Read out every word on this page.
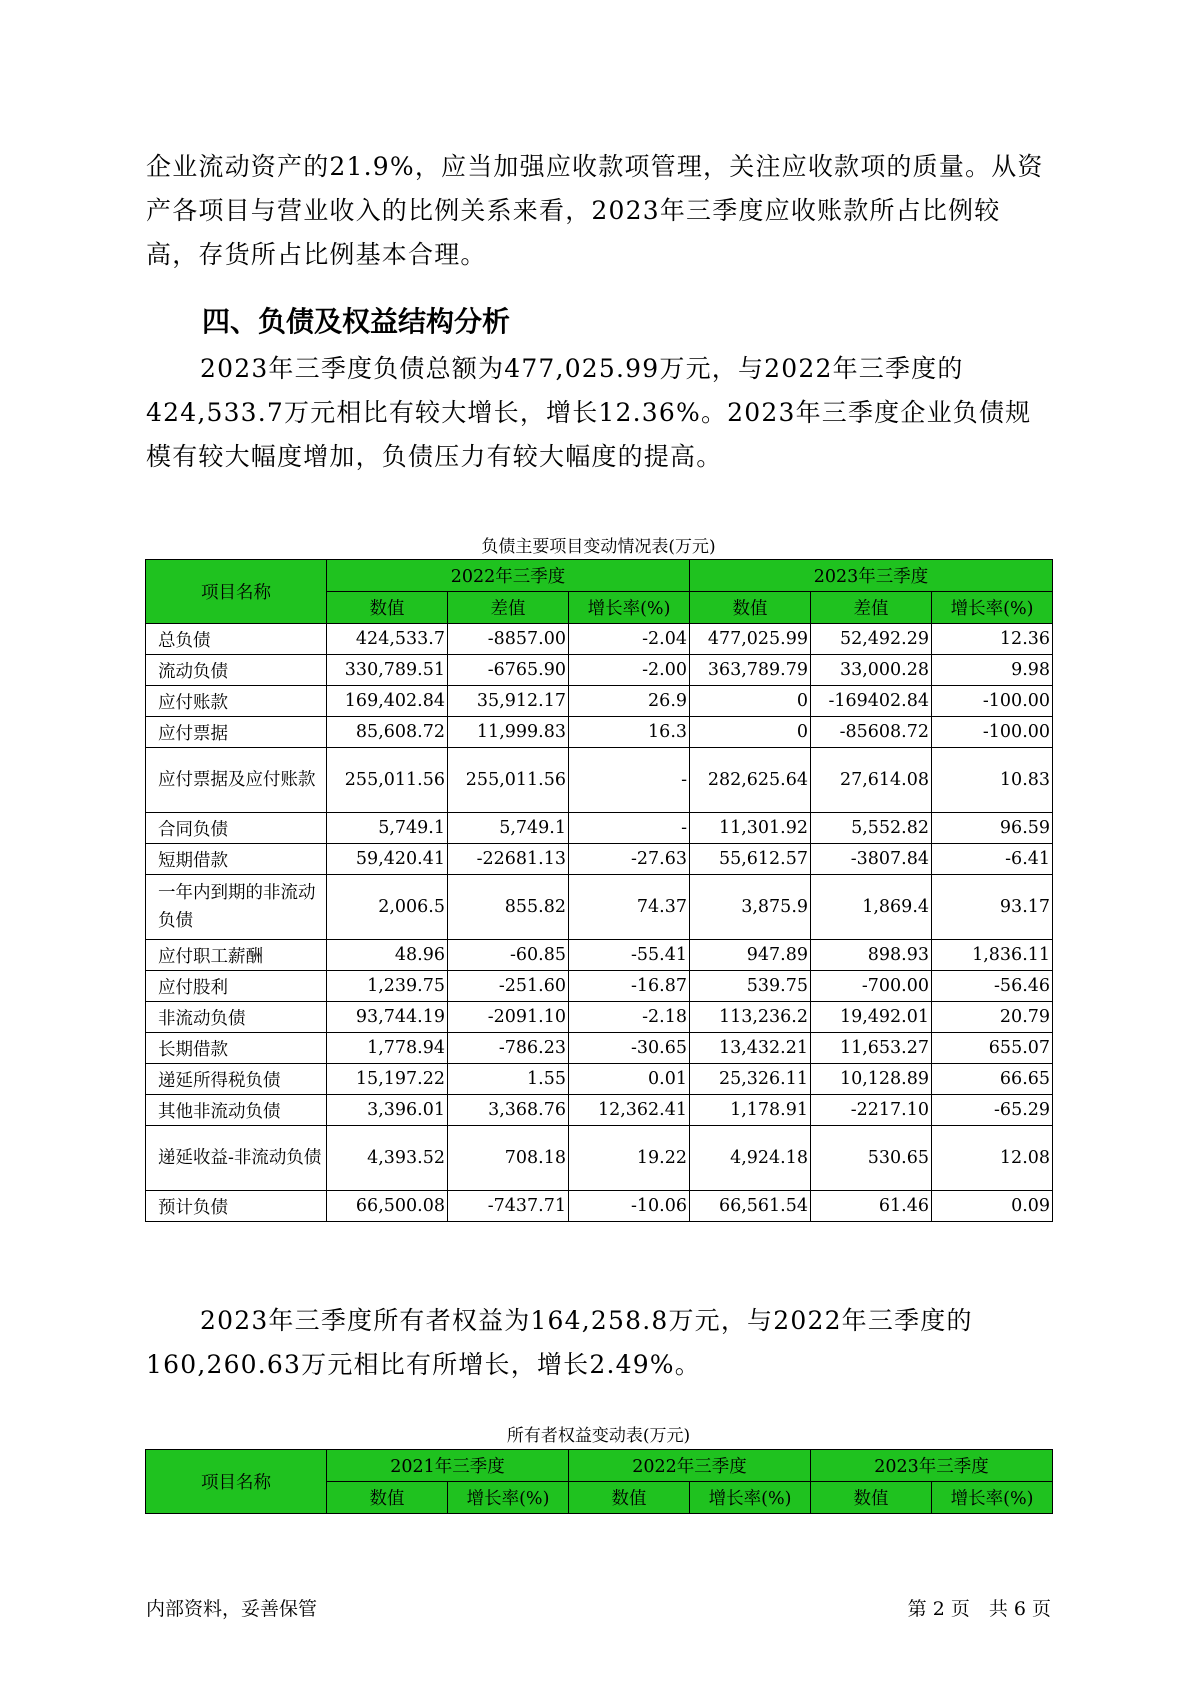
企业流动资产的21.9%，应当加强应收款项管理，关注应收款项的质量。从资产各项目与营业收入的比例关系来看，2023年三季度应收账款所占比例较高，存货所占比例基本合理。

四、负债及权益结构分析

2023年三季度负债总额为477,025.99万元，与2022年三季度的424,533.7万元相比有较大增长，增长12.36%。2023年三季度企业负债规模有较大幅度增加，负债压力有较大幅度的提高。

负债主要项目变动情况表(万元)

项目名称	2022年三季度			2023年三季度		
	数值	差值	增长率(%)	数值	差值	增长率(%)
总负债	424,533.7	-8857.00	-2.04	477,025.99	52,492.29	12.36
流动负债	330,789.51	-6765.90	-2.00	363,789.79	33,000.28	9.98
应付账款	169,402.84	35,912.17	26.9	0	-169402.84	-100.00
应付票据	85,608.72	11,999.83	16.3	0	-85608.72	-100.00
应付票据及应付账款	255,011.56	255,011.56	-	282,625.64	27,614.08	10.83
合同负债	5,749.1	5,749.1	-	11,301.92	5,552.82	96.59
短期借款	59,420.41	-22681.13	-27.63	55,612.57	-3807.84	-6.41
一年内到期的非流动负债	2,006.5	855.82	74.37	3,875.9	1,869.4	93.17
应付职工薪酬	48.96	-60.85	-55.41	947.89	898.93	1,836.11
应付股利	1,239.75	-251.60	-16.87	539.75	-700.00	-56.46
非流动负债	93,744.19	-2091.10	-2.18	113,236.2	19,492.01	20.79
长期借款	1,778.94	-786.23	-30.65	13,432.21	11,653.27	655.07
递延所得税负债	15,197.22	1.55	0.01	25,326.11	10,128.89	66.65
其他非流动负债	3,396.01	3,368.76	12,362.41	1,178.91	-2217.10	-65.29
递延收益-非流动负债	4,393.52	708.18	19.22	4,924.18	530.65	12.08
预计负债	66,500.08	-7437.71	-10.06	66,561.54	61.46	0.09

2023年三季度所有者权益为164,258.8万元，与2022年三季度的160,260.63万元相比有所增长，增长2.49%。

所有者权益变动表(万元)

项目名称	2021年三季度		2022年三季度		2023年三季度	
	数值	增长率(%)	数值	增长率(%)	数值	增长率(%)

内部资料，妥善保管	第 2 页　共 6 页
